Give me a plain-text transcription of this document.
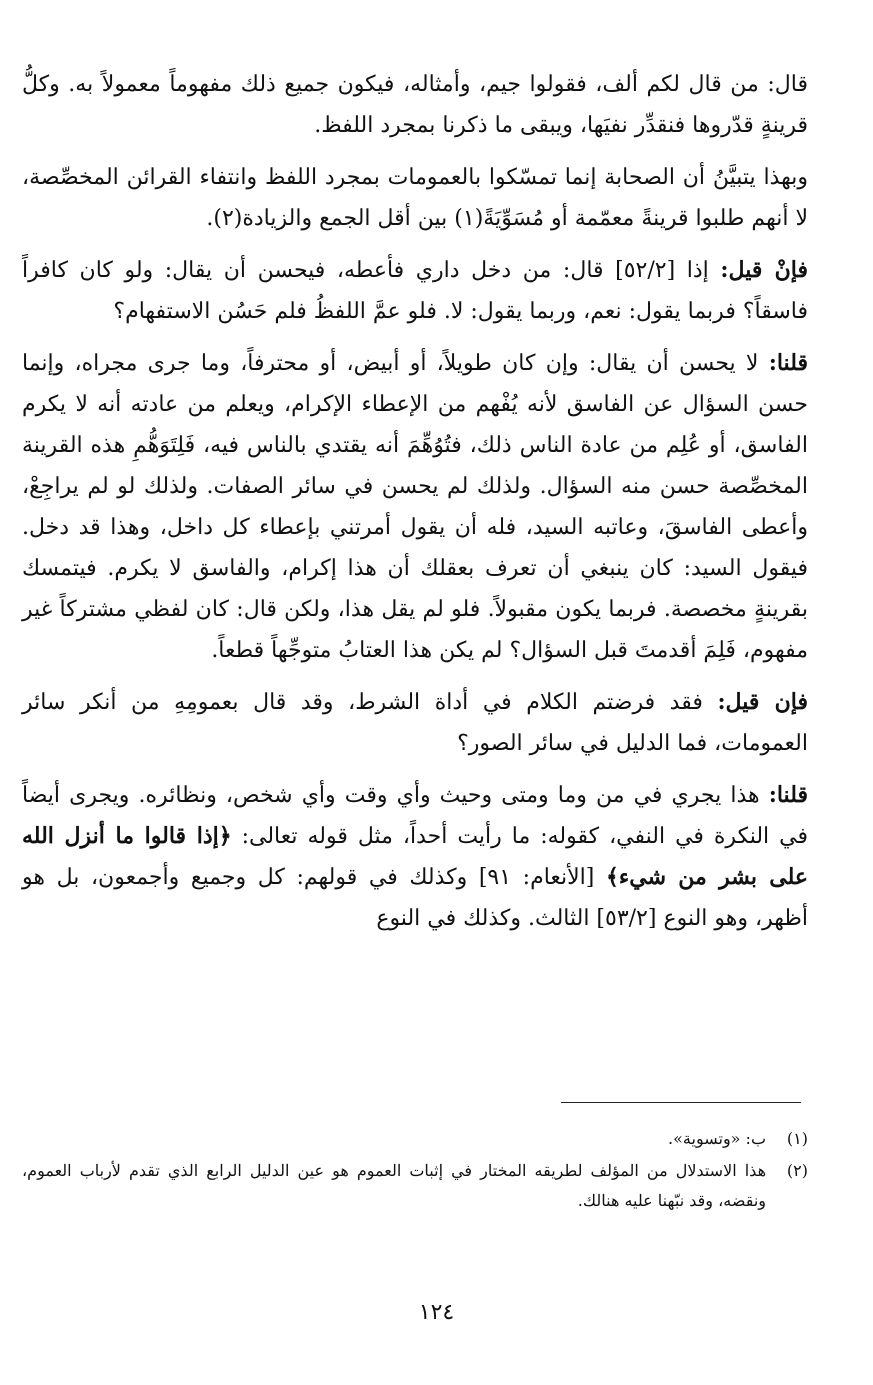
قال: من قال لكم ألف، فقولوا جيم، وأمثاله، فيكون جميع ذلك مفهوماً معمولاً به. وكلُّ قرينةٍ قدّروها فنقدِّر نفيَها، ويبقى ما ذكرنا بمجرد اللفظ.

وبهذا يتبيَّنُ أن الصحابة إنما تمسّكوا بالعمومات بمجرد اللفظ وانتفاء القرائن المخصِّصة، لا أنهم طلبوا قرينةً معمّمة أو مُسَوِّيَةً(١) بين أقل الجمع والزيادة(٢).

فإنْ قيل: إذا [٥٢/٢] قال: من دخل داري فأعطه، فيحسن أن يقال: ولو كان كافراً فاسقاً؟ فربما يقول: نعم، وربما يقول: لا. فلو عمَّ اللفظُ فلم حَسُن الاستفهام؟

قلنا: لا يحسن أن يقال: وإن كان طويلاً، أو أبيض، أو محترفاً، وما جرى مجراه، وإنما حسن السؤال عن الفاسق لأنه يُفْهم من الإعطاء الإكرام، ويعلم من عادته أنه لا يكرم الفاسق، أو عُلِم من عادة الناس ذلك، فتُوُهِّمَ أنه يقتدي بالناس فيه، فَلِتَوَهُّمِ هذه القرينة المخصِّصة حسن منه السؤال. ولذلك لم يحسن في سائر الصفات. ولذلك لو لم يراجِعْ، وأعطى الفاسقَ، وعاتبه السيد، فله أن يقول أمرتني بإعطاء كل داخل، وهذا قد دخل. فيقول السيد: كان ينبغي أن تعرف بعقلك أن هذا إكرام، والفاسق لا يكرم. فيتمسك بقرينةٍ مخصصة. فربما يكون مقبولاً. فلو لم يقل هذا، ولكن قال: كان لفظي مشتركاً غير مفهوم، فَلِمَ أقدمتَ قبل السؤال؟ لم يكن هذا العتابُ متوجِّهاً قطعاً.

فإن قيل: فقد فرضتم الكلام في أداة الشرط، وقد قال بعمومِهِ من أنكر سائر العمومات، فما الدليل في سائر الصور؟

قلنا: هذا يجري في من وما ومتى وحيث وأي وقت وأي شخص، ونظائره. ويجرى أيضاً في النكرة في النفي، كقوله: ما رأيت أحداً، مثل قوله تعالى: ﴿إذا قالوا ما أنزل الله على بشر من شيء﴾ [الأنعام: ٩١] وكذلك في قولهم: كل وجميع وأجمعون، بل هو أظهر، وهو النوع [٥٣/٢] الثالث. وكذلك في النوع

(١)
ب: «وتسوية».
(٢)
هذا الاستدلال من المؤلف لطريقه المختار في إثبات العموم هو عين الدليل الرابع الذي تقدم لأرباب العموم، ونقضه، وقد نبّهنا عليه هنالك.
١٢٤
